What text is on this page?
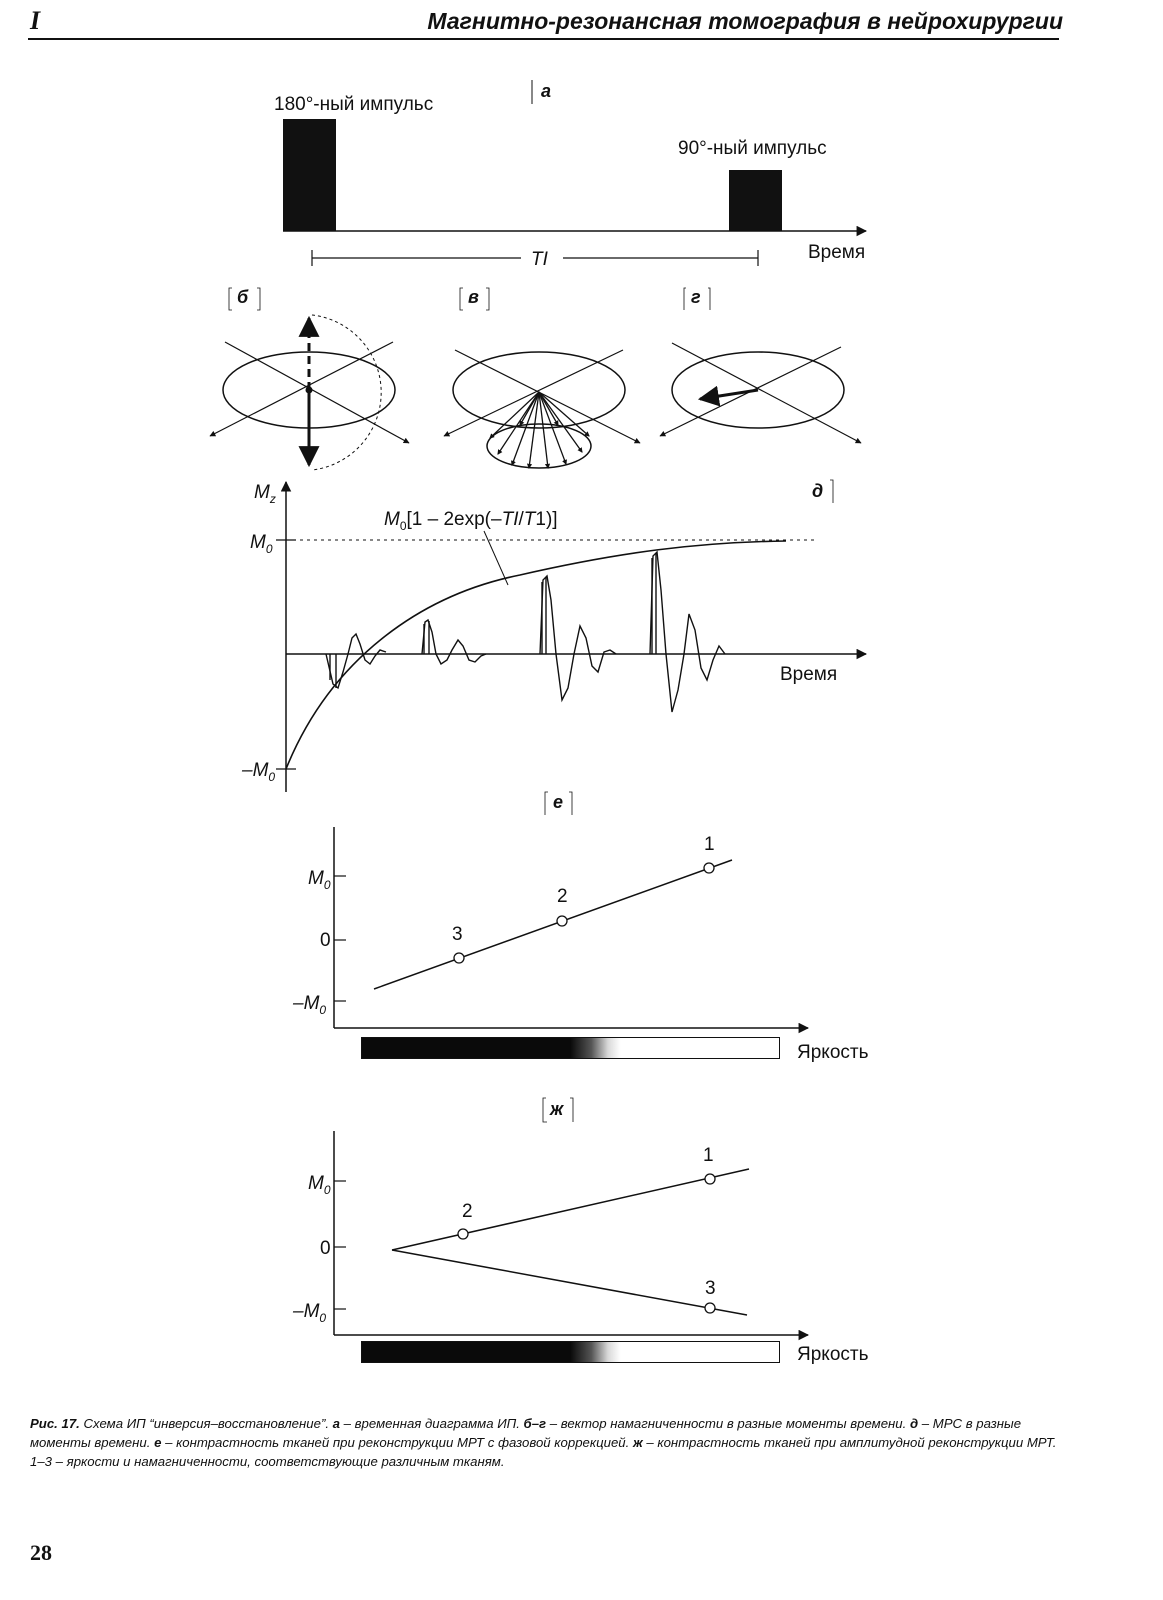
I	Магнитно-резонансная томография в нейрохирургии
а
180°-ный импульс
90°-ный импульс
TI	Время
б	в	г
д
$M_z$
$M_0$
$-M_0$
$M_0[1 - 2\exp(-TI/T1)]$
Время
е
$M_0$
0
$-M_0$
3
2
1
ж
$M_0$
0
$-M_0$
2
1
3
Яркость
Яркость
Рис. 17. Схема ИП “инверсия–восстановление”. а – временная диаграмма ИП. б–г – вектор намагниченности в разные моменты времени. д – МРС в разные моменты времени. е – контрастность тканей при реконструкции МРТ с фазовой коррекцией. ж – контрастность тканей при амплитудной реконструкции МРТ. 1–3 – яркости и намагниченности, соответствующие различным тканям.
28
